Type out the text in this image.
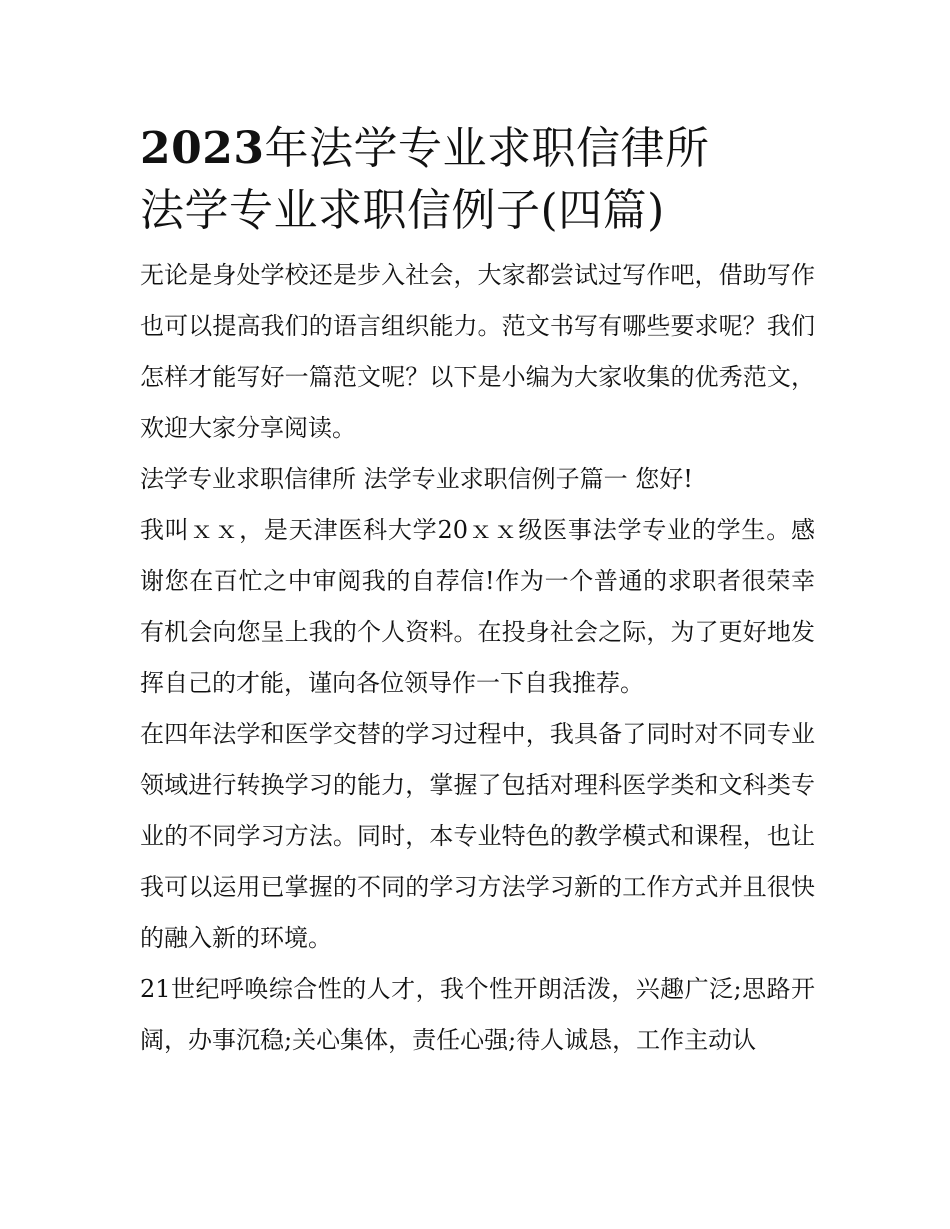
2023年法学专业求职信律所
法学专业求职信例子(四篇)

无论是身处学校还是步入社会，大家都尝试过写作吧，借助写作也可以提高我们的语言组织能力。范文书写有哪些要求呢？我们怎样才能写好一篇范文呢？以下是小编为大家收集的优秀范文，欢迎大家分享阅读。

法学专业求职信律所 法学专业求职信例子篇一 您好!

我叫ｘｘ，是天津医科大学20ｘｘ级医事法学专业的学生。感谢您在百忙之中审阅我的自荐信!作为一个普通的求职者很荣幸有机会向您呈上我的个人资料。在投身社会之际，为了更好地发挥自己的才能，谨向各位领导作一下自我推荐。

在四年法学和医学交替的学习过程中，我具备了同时对不同专业领域进行转换学习的能力，掌握了包括对理科医学类和文科类专业的不同学习方法。同时，本专业特色的教学模式和课程，也让我可以运用已掌握的不同的学习方法学习新的工作方式并且很快的融入新的环境。

21世纪呼唤综合性的人才，我个性开朗活泼，兴趣广泛;思路开阔，办事沉稳;关心集体，责任心强;待人诚恳，工作主动认
